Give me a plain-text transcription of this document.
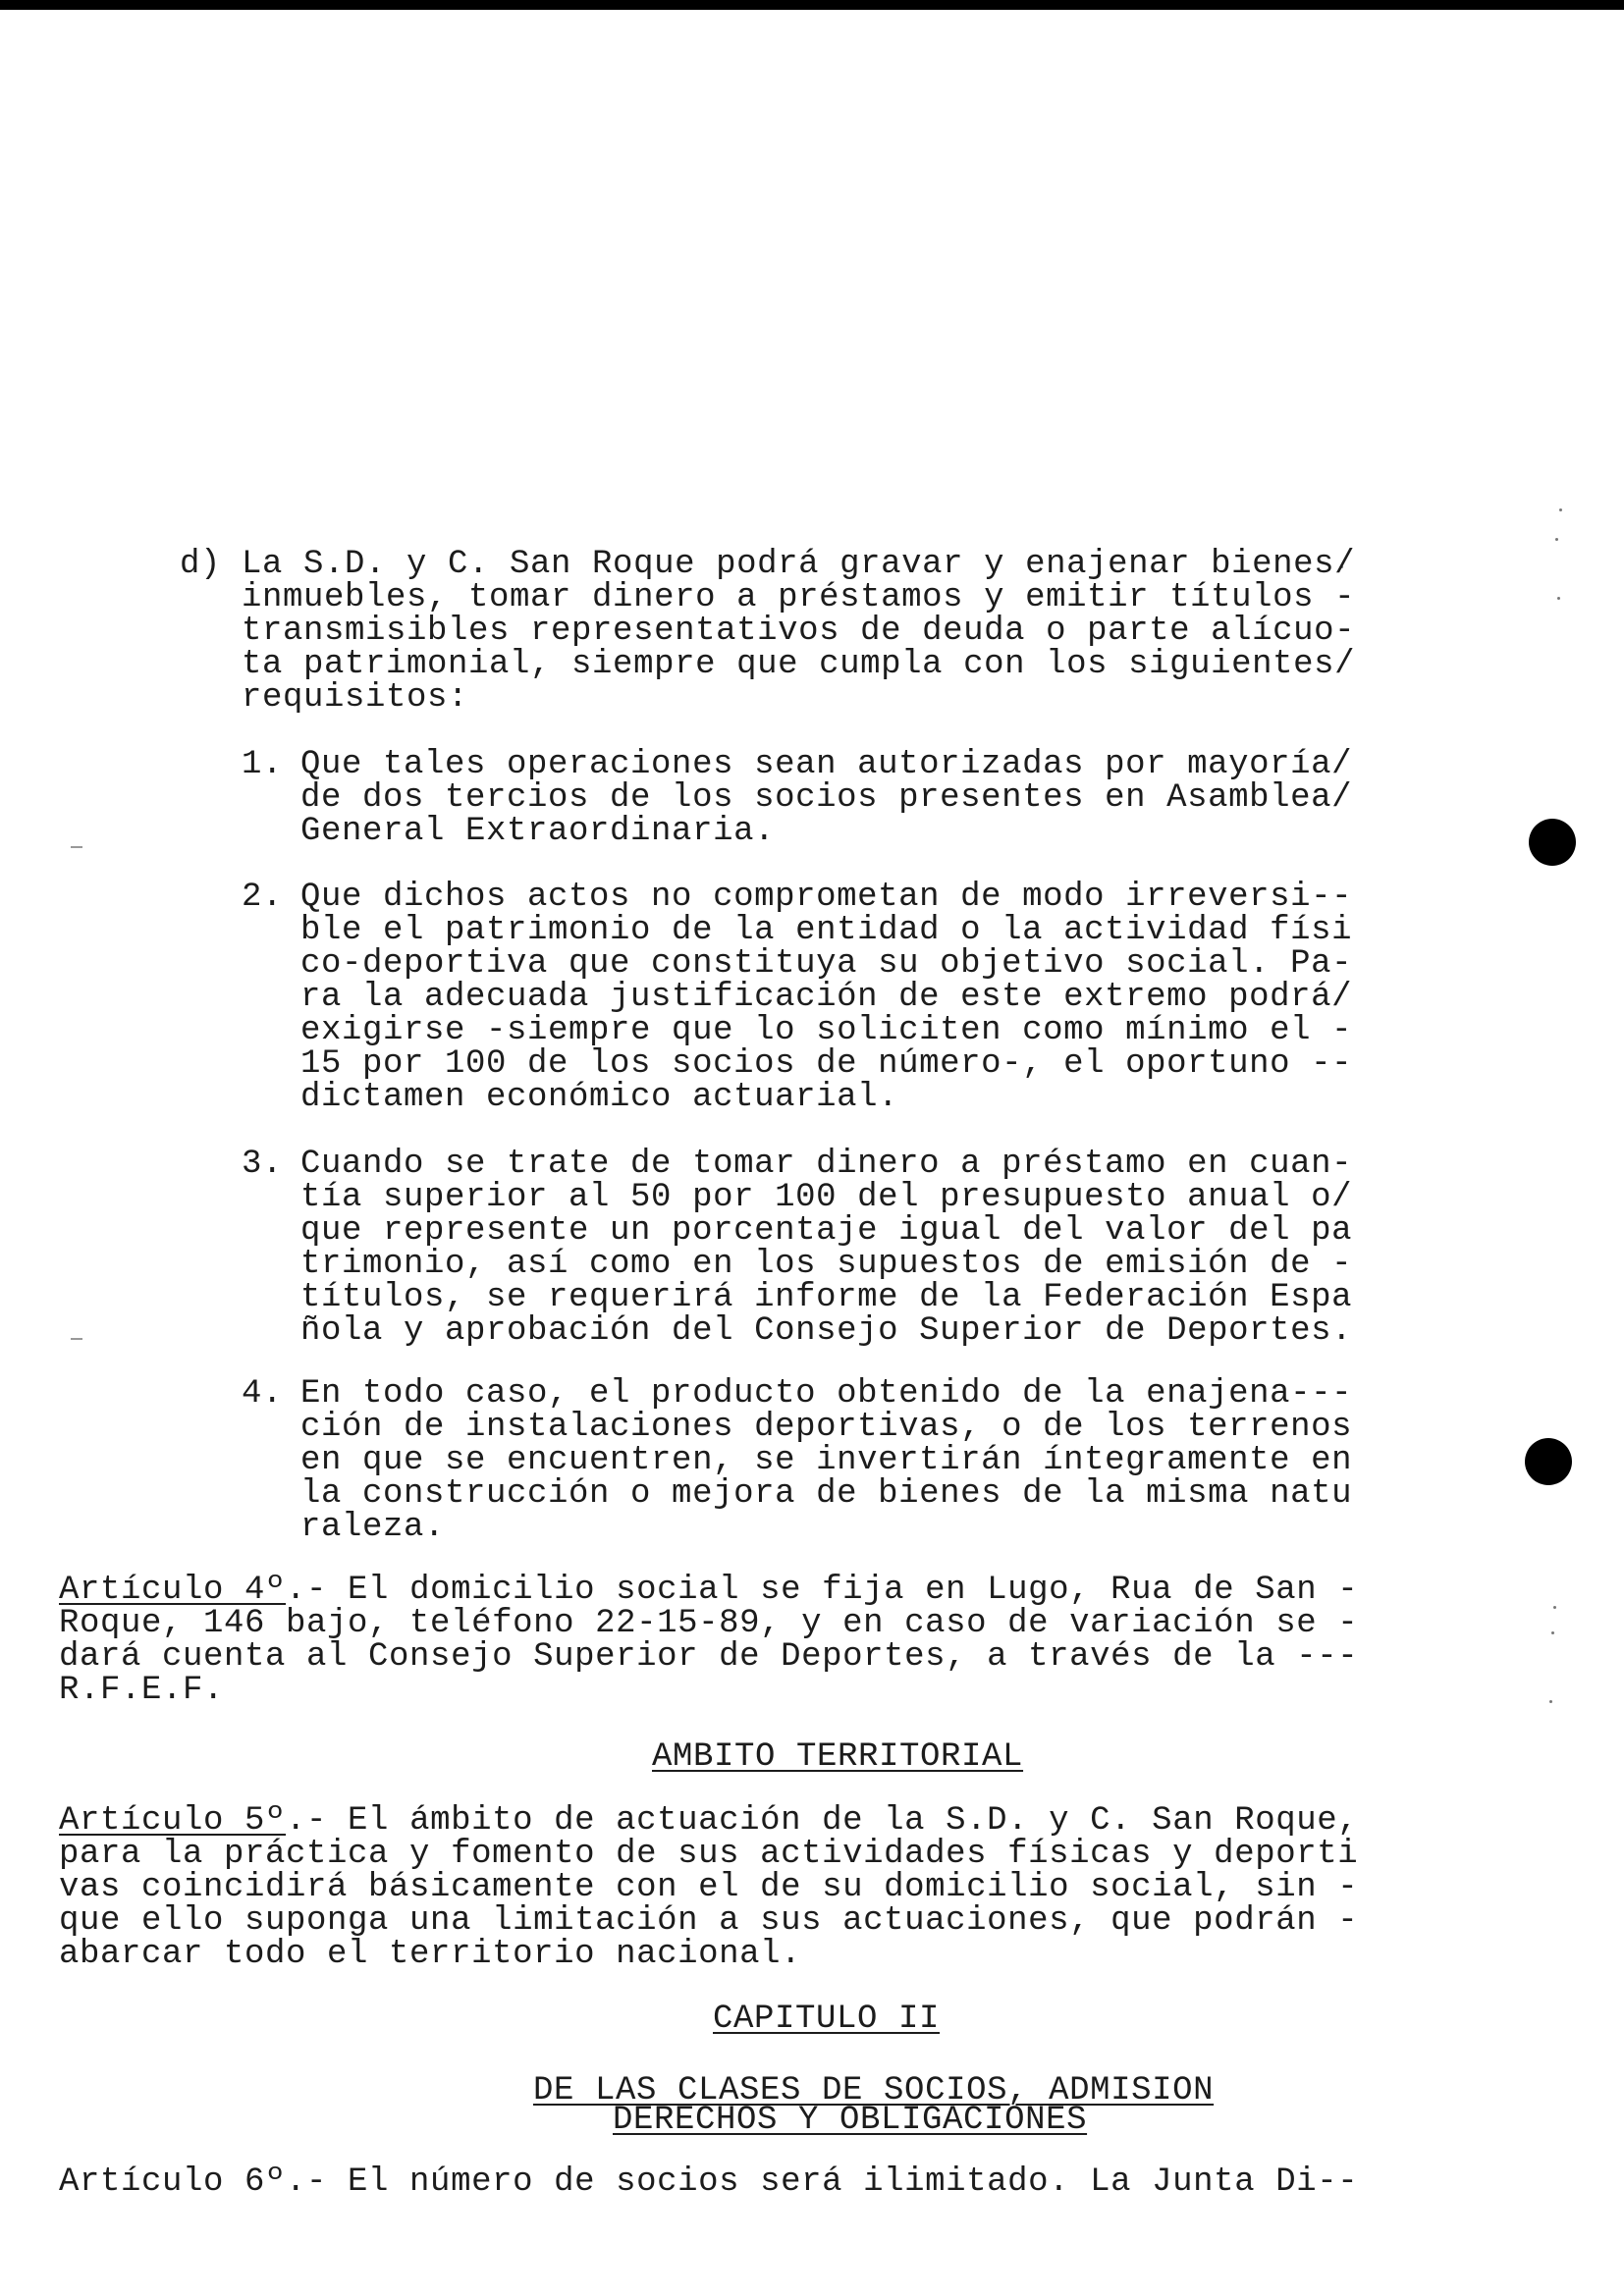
d) La S.D. y C. San Roque podrá gravar y enajenar bienes/
inmuebles, tomar dinero a préstamos y emitir títulos -
transmisibles representativos de deuda o parte alícuo-
ta patrimonial, siempre que cumpla con los siguientes/
requisitos:
1. Que tales operaciones sean autorizadas por mayoría/
de dos tercios de los socios presentes en Asamblea/
General Extraordinaria.
2. Que dichos actos no comprometan de modo irreversi--
ble el patrimonio de la entidad o la actividad físi
co-deportiva que constituya su objetivo social. Pa-
ra la adecuada justificación de este extremo podrá/
exigirse -siempre que lo soliciten como mínimo el -
15 por 100 de los socios de número-, el oportuno --
dictamen económico actuarial.
3. Cuando se trate de tomar dinero a préstamo en cuan-
tía superior al 50 por 100 del presupuesto anual o/
que represente un porcentaje igual del valor del pa
trimonio, así como en los supuestos de emisión de -
títulos, se requerirá informe de la Federación Espa
ñola y aprobación del Consejo Superior de Deportes.
4. En todo caso, el producto obtenido de la enajena---
ción de instalaciones deportivas, o de los terrenos
en que se encuentren, se invertirán íntegramente en
la construcción o mejora de bienes de la misma natu
raleza.
Artículo 4º.- El domicilio social se fija en Lugo, Rua de San -
Roque, 146 bajo, teléfono 22-15-89, y en caso de variación se -
dará cuenta al Consejo Superior de Deportes, a través de la ---
R.F.E.F.
AMBITO TERRITORIAL
Artículo 5º.- El ámbito de actuación de la S.D. y C. San Roque,
para la práctica y fomento de sus actividades físicas y deporti
vas coincidirá básicamente con el de su domicilio social, sin -
que ello suponga una limitación a sus actuaciones, que podrán -
abarcar todo el territorio nacional.
CAPITULO II
DE LAS CLASES DE SOCIOS, ADMISION
DERECHOS Y OBLIGACIONES
Artículo 6º.- El número de socios será ilimitado. La Junta Di--
